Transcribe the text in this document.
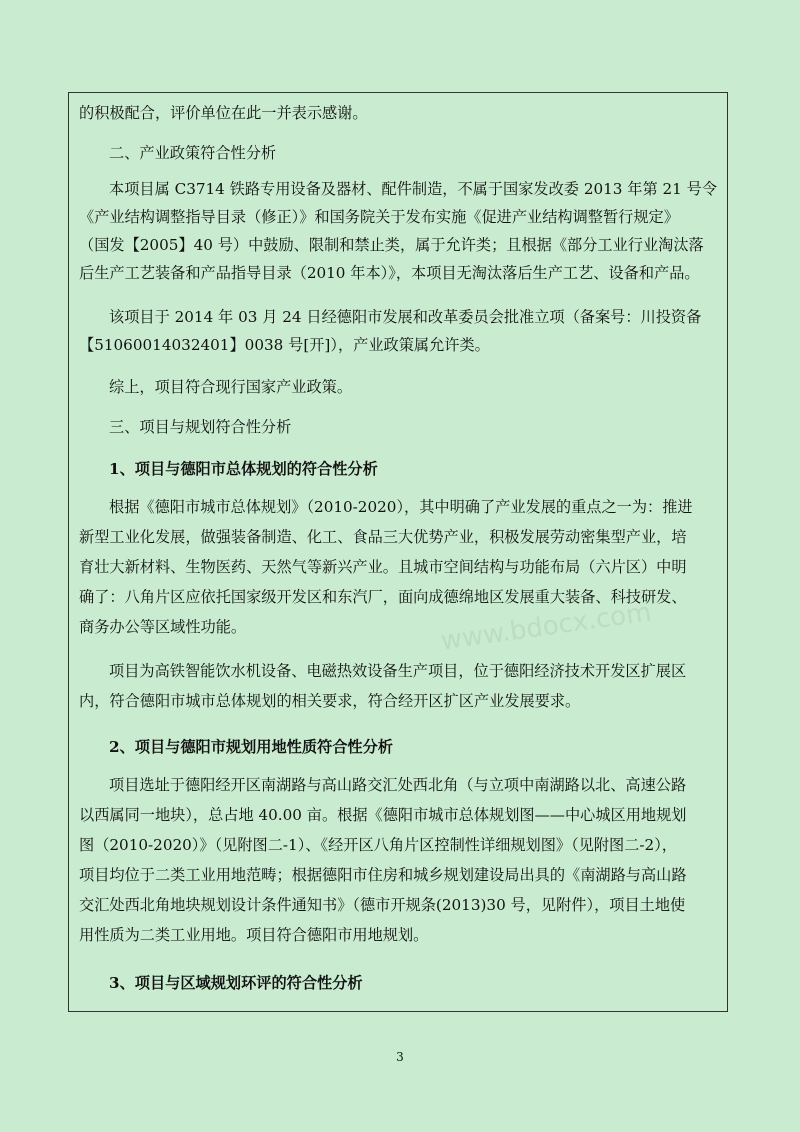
的积极配合，评价单位在此一并表示感谢。
二、产业政策符合性分析
本项目属 C3714 铁路专用设备及器材、配件制造，不属于国家发改委 2013 年第 21 号令
《产业结构调整指导目录（修正）》和国务院关于发布实施《促进产业结构调整暂行规定》
（国发【2005】40 号）中鼓励、限制和禁止类，属于允许类；且根据《部分工业行业淘汰落
后生产工艺装备和产品指导目录（2010 年本）》，本项目无淘汰落后生产工艺、设备和产品。
该项目于 2014 年 03 月 24 日经德阳市发展和改革委员会批准立项（备案号：川投资备
【51060014032401】0038 号[开]），产业政策属允许类。
综上，项目符合现行国家产业政策。
三、项目与规划符合性分析
1、项目与德阳市总体规划的符合性分析
根据《德阳市城市总体规划》（2010-2020），其中明确了产业发展的重点之一为：推进
新型工业化发展，做强装备制造、化工、食品三大优势产业，积极发展劳动密集型产业，培
育壮大新材料、生物医药、天然气等新兴产业。且城市空间结构与功能布局（六片区）中明
确了：八角片区应依托国家级开发区和东汽厂，面向成德绵地区发展重大装备、科技研发、
商务办公等区域性功能。
项目为高铁智能饮水机设备、电磁热效设备生产项目，位于德阳经济技术开发区扩展区
内，符合德阳市城市总体规划的相关要求，符合经开区扩区产业发展要求。
2、项目与德阳市规划用地性质符合性分析
项目选址于德阳经开区南湖路与高山路交汇处西北角（与立项中南湖路以北、高速公路
以西属同一地块），总占地 40.00 亩。根据《德阳市城市总体规划图——中心城区用地规划
图（2010-2020）》（见附图二-1）、《经开区八角片区控制性详细规划图》（见附图二-2），
项目均位于二类工业用地范畴；根据德阳市住房和城乡规划建设局出具的《南湖路与高山路
交汇处西北角地块规划设计条件通知书》（德市开规条(2013)30 号，见附件），项目土地使
用性质为二类工业用地。项目符合德阳市用地规划。
3、项目与区域规划环评的符合性分析
www.bdocx.com
3
